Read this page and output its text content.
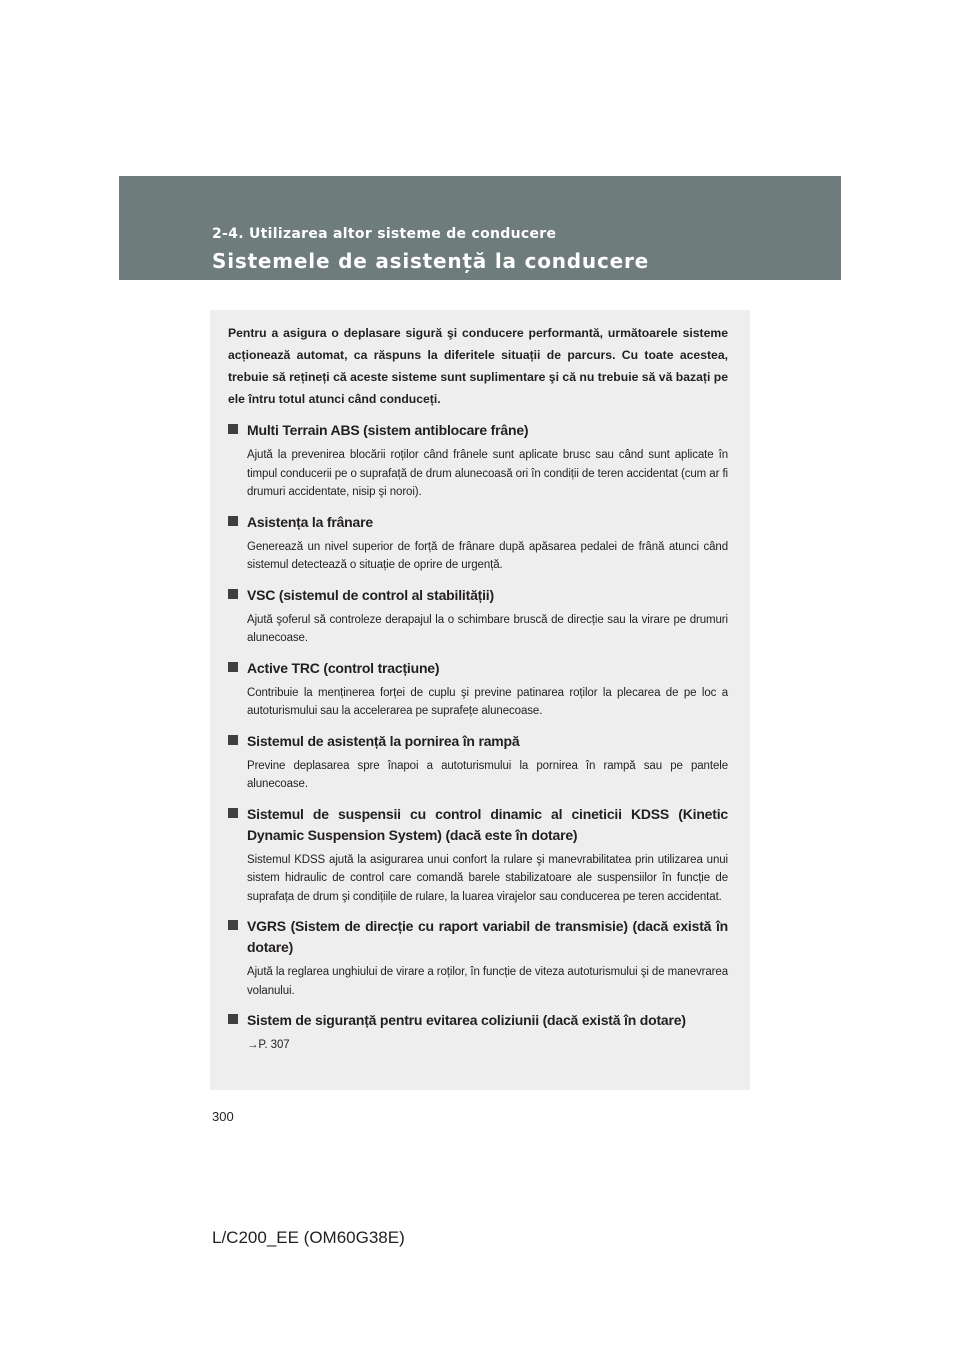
2-4. Utilizarea altor sisteme de conducere
Sistemele de asistență la conducere

Pentru a asigura o deplasare sigură şi conducere performantă, următoarele sisteme acționează automat, ca răspuns la diferitele situații de parcurs. Cu toate acestea, trebuie să rețineți că aceste sisteme sunt suplimentare şi că nu trebuie să vă bazați pe ele întru totul atunci când conduceți.

Multi Terrain ABS (sistem antiblocare frâne)
Ajută la prevenirea blocării roților când frânele sunt aplicate brusc sau când sunt aplicate în timpul conducerii pe o suprafață de drum alunecoasă ori în condiții de teren accidentat (cum ar fi drumuri accidentate, nisip şi noroi).
Asistența la frânare
Generează un nivel superior de forță de frânare după apăsarea pedalei de frână atunci când sistemul detectează o situație de oprire de urgență.
VSC (sistemul de control al stabilității)
Ajută şoferul să controleze derapajul la o schimbare bruscă de direcție sau la virare pe drumuri alunecoase.
Active TRC (control tracțiune)
Contribuie la menținerea forței de cuplu şi previne patinarea roților la plecarea de pe loc a autoturismului sau la accelerarea pe suprafețe alunecoase.
Sistemul de asistență la pornirea în rampă
Previne deplasarea spre înapoi a autoturismului la pornirea în rampă sau pe pantele alunecoase.
Sistemul de suspensii cu control dinamic al cineticii KDSS (Kinetic Dynamic Suspension System) (dacă este în dotare)
Sistemul KDSS ajută la asigurarea unui confort la rulare şi manevrabilitatea prin utilizarea unui sistem hidraulic de control care comandă barele stabilizatoare ale suspensiilor în funcție de suprafața de drum şi condițiile de rulare, la luarea virajelor sau conducerea pe teren accidentat.
VGRS (Sistem de direcție cu raport variabil de transmisie) (dacă există în dotare)
Ajută la reglarea unghiului de virare a roților, în funcție de viteza autoturismului şi de manevrarea volanului.
Sistem de siguranță pentru evitarea coliziunii (dacă există în dotare)
→P. 307
300
L/C200_EE (OM60G38E)
